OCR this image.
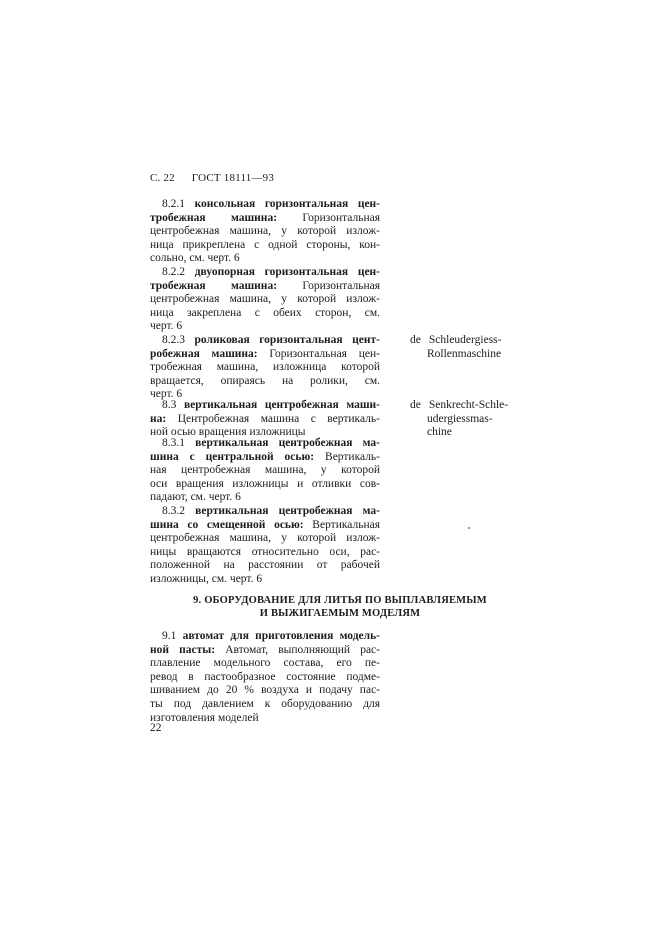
С. 22 ГОСТ 18111—93
8.2.1 консольная горизонтальная цен-
тробежная машина: Горизонтальная
центробежная машина, у которой излож-
ница прикреплена с одной стороны, кон-
сольно, см. черт. 6
8.2.2 двуопорная горизонтальная цен-
тробежная машина: Горизонтальная
центробежная машина, у которой излож-
ница закреплена с обеих сторон, см.
черт. 6
8.2.3 роликовая горизонтальная цент-
робежная машина: Горизонтальная цен-
тробежная машина, изложница которой
вращается, опираясь на ролики, см.
черт. 6
de Schleudergiess-
Rollenmaschine
8.3 вертикальная центробежная маши-
на: Центробежная машина с вертикаль-
ной осью вращения изложницы
de Senkrecht-Schle-
udergiessmas-
chine
8.3.1 вертикальная центробежная ма-
шина с центральной осью: Вертикаль-
ная центробежная машина, у которой
оси вращения изложницы и отливки сов-
падают, см. черт. 6
8.3.2 вертикальная центробежная ма-
шина со смещенной осью: Вертикальная
центробежная машина, у которой излож-
ницы вращаются относительно оси, рас-
положенной на расстоянии от рабочей
изложницы, см. черт. 6
9. ОБОРУДОВАНИЕ ДЛЯ ЛИТЬЯ ПО ВЫПЛАВЛЯЕМЫМ
И ВЫЖИГАЕМЫМ МОДЕЛЯМ
9.1 автомат для приготовления модель-
ной пасты: Автомат, выполняющий рас-
плавление модельного состава, его пе-
ревод в пастообразное состояние подме-
шиванием до 20 % воздуха и подачу пас-
ты под давлением к оборудованию для
изготовления моделей
22
